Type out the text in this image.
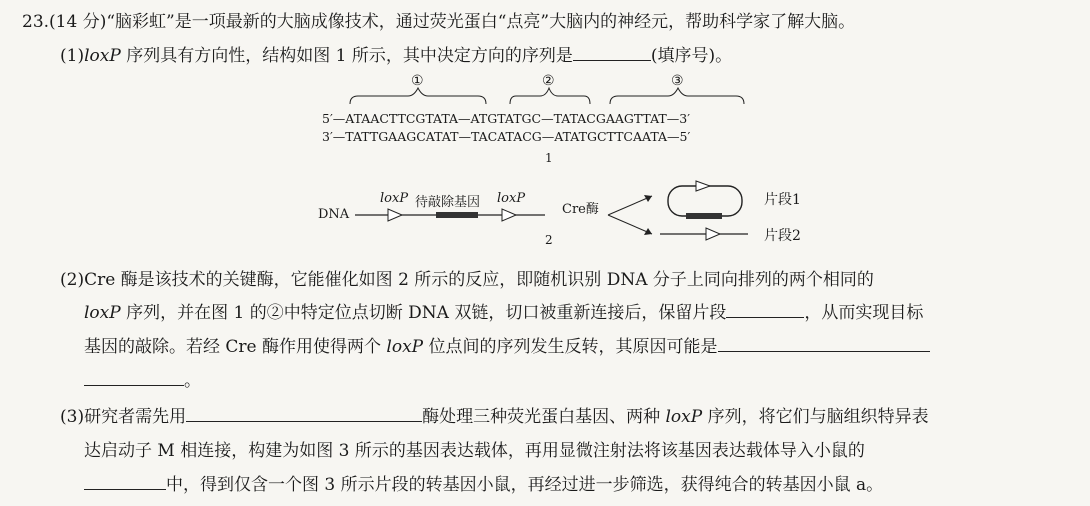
23.(14 分)“脑彩虹”是一项最新的大脑成像技术，通过荧光蛋白“点亮”大脑内的神经元，帮助科学家了解大脑。
(1)loxP 序列具有方向性，结构如图 1 所示，其中决定方向的序列是	(填序号)。
①	②	③
5′—ATAACTTCGTATA—ATGTATGC—TATACGAAGTTAT—3′
3′—TATTGAAGCATAT—TACATACG—ATATGCTTCAATA—5′
1
DNA
loxP 待敲除基因 loxP
Cre酶
片段1
片段2
2
(2)Cre 酶是该技术的关键酶，它能催化如图 2 所示的反应，即随机识别 DNA 分子上同向排列的两个相同的
loxP 序列，并在图 1 的②中特定位点切断 DNA 双链，切口被重新连接后，保留片段	，从而实现目标
基因的敲除。若经 Cre 酶作用使得两个 loxP 位点间的序列发生反转，其原因可能是
。
(3)研究者需先用	酶处理三种荧光蛋白基因、两种 loxP 序列，将它们与脑组织特异表
达启动子 M 相连接，构建为如图 3 所示的基因表达载体，再用显微注射法将该基因表达载体导入小鼠的
中，得到仅含一个图 3 所示片段的转基因小鼠，再经过进一步筛选，获得纯合的转基因小鼠 a。
